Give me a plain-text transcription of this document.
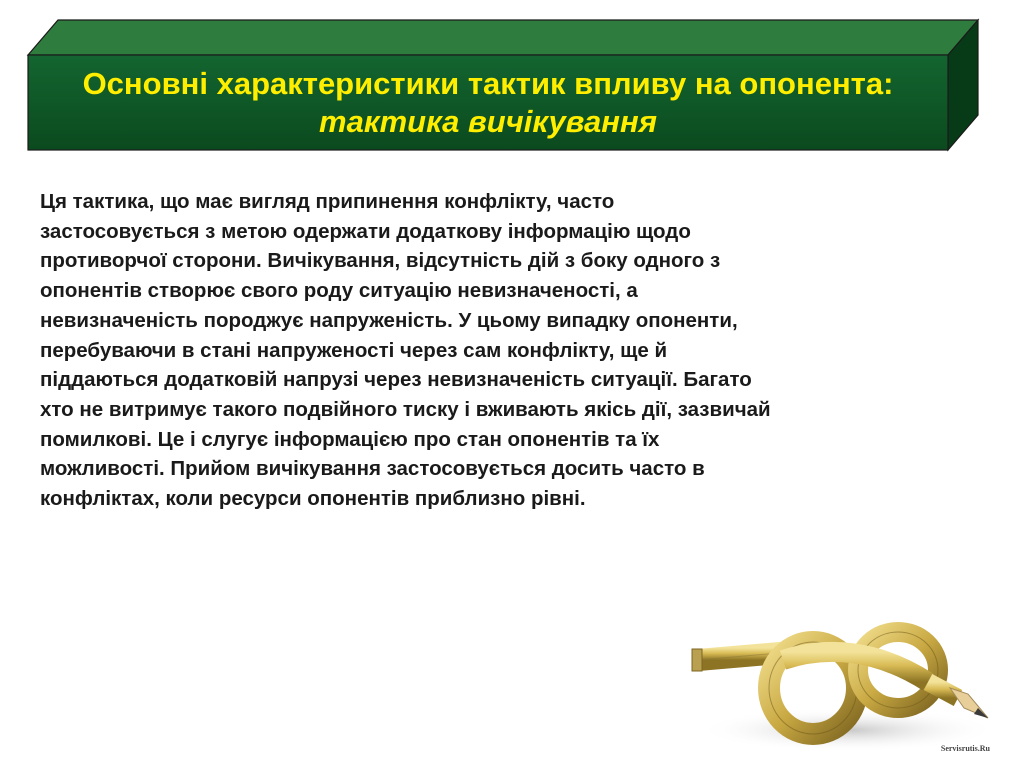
Основні характеристики тактик впливу на опонента:
тактика вичікування
Ця тактика, що має вигляд припинення конфлікту, часто
застосовується з метою одержати додаткову інформацію щодо
противорчої сторони. Вичікування, відсутність дій з боку одного з
опонентів створює свого роду ситуацію невизначеності, а
невизначеність породжує напруженість. У цьому випадку опоненти,
перебуваючи в стані напруженості через сам конфлікту, ще й
піддаються додатковій напрузі через невизначеність ситуації. Багато
хто не витримує такого подвійного тиску і вживають якісь дії, зазвичай
помилкові. Це і слугує інформацією про стан опонентів та їх
можливості. Прийом вичікування застосовується досить часто в
конфліктах, коли ресурси опонентів приблизно рівні.
Servisrutis.Ru
